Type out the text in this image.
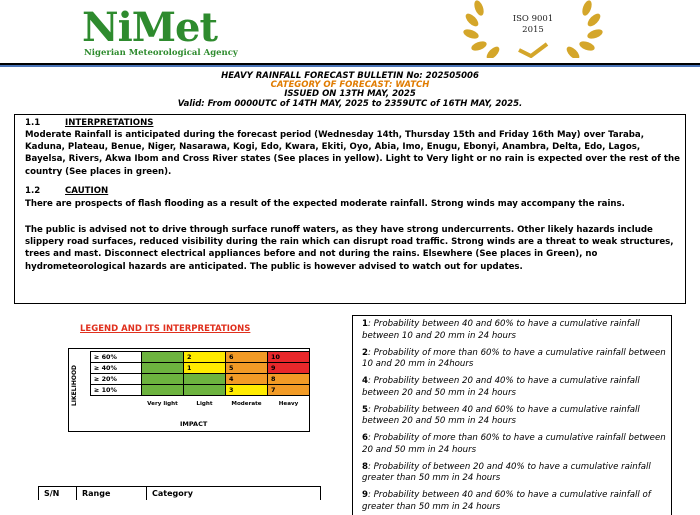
NiMet
Nigerian Meteorological Agency
ISO 9001
2015
HEAVY RAINFALL FORECAST BULLETIN No: 202505006
CATEGORY OF FORECAST: WATCH
ISSUED ON 13TH MAY, 2025
Valid: From 0000UTC of 14TH MAY, 2025 to 2359UTC of 16TH MAY, 2025.
1.1	INTERPRETATIONS
Moderate Rainfall is anticipated during the forecast period (Wednesday 14th, Thursday 15th and Friday 16th May) over Taraba, Kaduna, Plateau, Benue, Niger, Nasarawa, Kogi, Edo, Kwara, Ekiti, Oyo, Abia, Imo, Enugu, Ebonyi, Anambra, Delta, Edo, Lagos, Bayelsa, Rivers, Akwa Ibom and Cross River states (See places in yellow). Light to Very light or no rain is expected over the rest of the country (See places in green).
1.2	CAUTION
There are prospects of flash flooding as a result of the expected moderate rainfall. Strong winds may accompany the rains.
The public is advised not to drive through surface runoff waters, as they have strong undercurrents. Other likely hazards include slippery road surfaces, reduced visibility during the rain which can disrupt road traffic. Strong winds are a threat to weak structures, trees and mast. Disconnect electrical appliances before and not during the rains. Elsewhere (See places in Green), no hydrometeorological hazards are anticipated. The public is however advised to watch out for updates.
LEGEND AND ITS INTERPRETATIONS
LIKELIHOOD
≥ 60%		2	6	10
≥ 40%		1	5	9
≥ 20%			4	8
≥ 10%			3	7
	Very light	Light	Moderate	Heavy
IMPACT
1: Probability between 40 and 60% to have a cumulative rainfall between 10 and 20 mm in 24 hours
2: Probability of more than 60% to have a cumulative rainfall between 10 and 20 mm in 24hours
4: Probability between 20 and 40% to have a cumulative rainfall between 20 and 50 mm in 24 hours
5: Probability between 40 and 60% to have a cumulative rainfall between 20 and 50 mm in 24 hours
6: Probability of more than 60% to have a cumulative rainfall between 20 and 50 mm in 24 hours
8: Probability of between 20 and 40% to have a cumulative rainfall greater than 50 mm in 24 hours
9: Probability between 40 and 60% to have a cumulative rainfall of greater than 50 mm in 24 hours
S/N	Range	Category
